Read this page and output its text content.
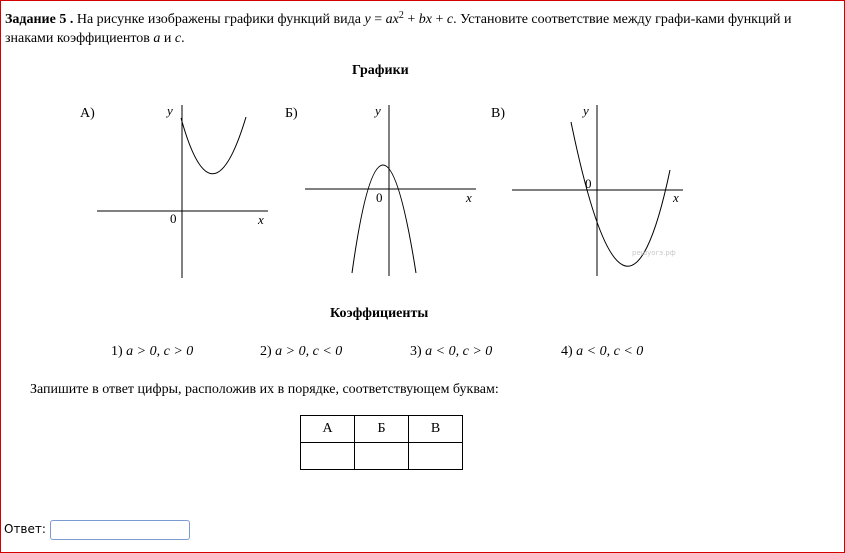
Задание 5 . На рисунке изображены графики функций вида $y = ax^2$ + bx + c. Установите соответствие между графи-ками функций и знаками коэффициентов a и c.
Графики
А)	y
x
0
Б)	y
x
0
В)	y
x
0
решуогэ.рф
Коэффициенты
1) a > 0, c > 0	2) a > 0, c < 0	3) a < 0, c > 0	4) a < 0, c < 0
Запишите в ответ цифры, расположив их в порядке, соответствующем буквам:
А	Б	В

Ответ:
